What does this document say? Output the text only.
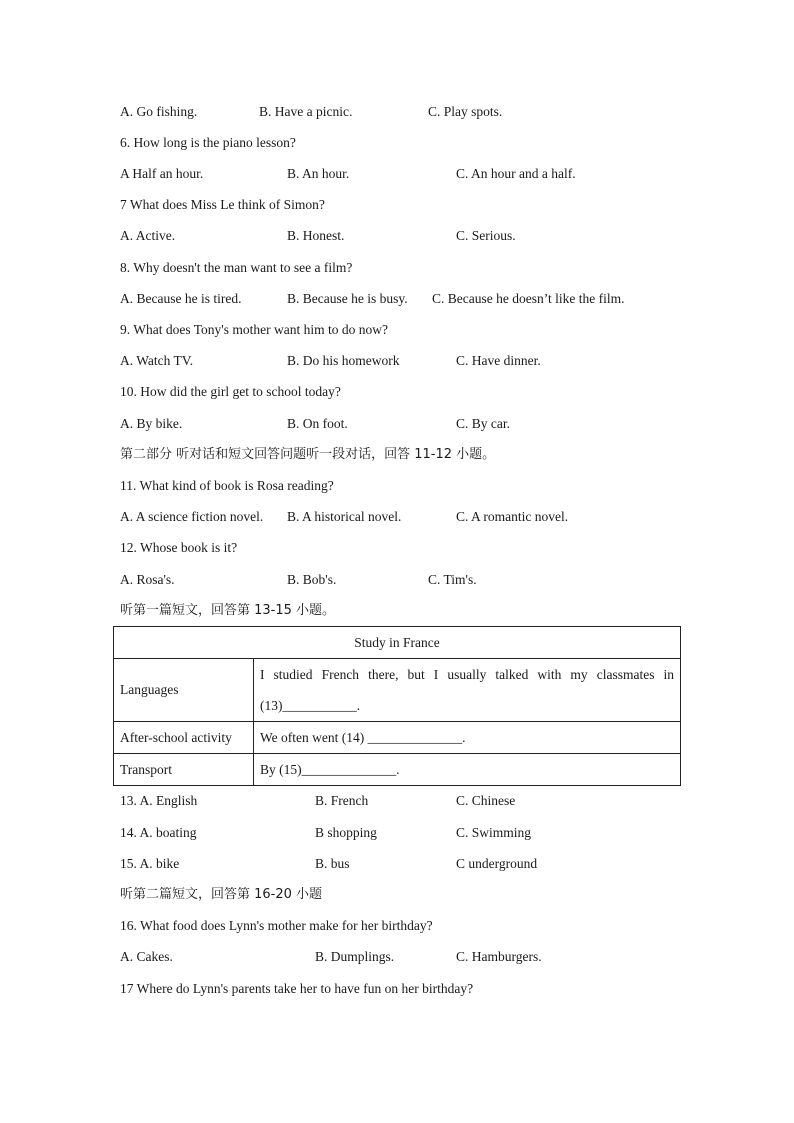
A. Go fishing.	B. Have a picnic.	C. Play spots.
6. How long is the piano lesson?
A Half an hour.	B. An hour.	C. An hour and a half.
7 What does Miss Le think of Simon?
A. Active.	B. Honest.	C. Serious.
8. Why doesn't the man want to see a film?
A. Because he is tired.	B. Because he is busy. C. Because he doesn’t like the film.
9. What does Tony's mother want him to do now?
A. Watch TV.	B. Do his homework	C. Have dinner.
10. How did the girl get to school today?
A. By bike.	B. On foot.	C. By car.
第二部分 听对话和短文回答问题听一段对话，回答 11-12 小题。
11. What kind of book is Rosa reading?
A. A science fiction novel. B. A historical novel.	C. A romantic novel.
12. Whose book is it?
A. Rosa's.	B. Bob's.	C. Tim's.
听第一篇短文，回答第 13-15 小题。
Study in France	
Languages	I studied French there, but I usually talked with my classmates in (13)___________.
After-school activity	We often went (14) ______________.
Transport	By (15)______________.
13. A. English	B. French	C. Chinese
14. A. boating	B shopping	C. Swimming
15. A. bike	B. bus	C underground
听第二篇短文，回答第 16-20 小题
16. What food does Lynn's mother make for her birthday?
A. Cakes.	B. Dumplings.	C. Hamburgers.
17 Where do Lynn's parents take her to have fun on her birthday?
